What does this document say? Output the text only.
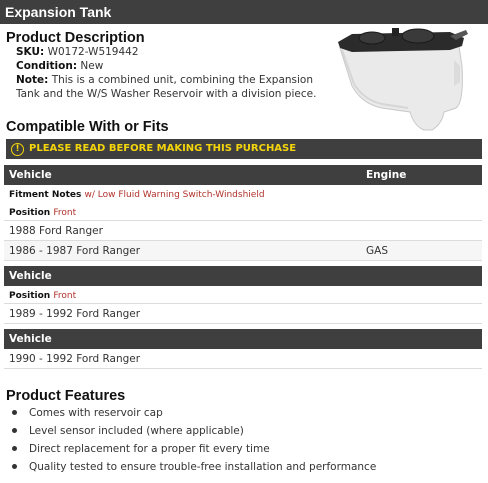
Expansion Tank
Product Description
SKU: W0172-W519442
Condition: New
Note: This is a combined unit, combining the Expansion
Tank and the W/S Washer Reservoir with a division piece.
Compatible With or Fits
! PLEASE READ BEFORE MAKING THIS PURCHASE
Vehicle	Engine
Fitment Notes w/ Low Fluid Warning Switch-Windshield
Position Front
1988 Ford Ranger
1986 - 1987 Ford Ranger	GAS
Vehicle
Position Front
1989 - 1992 Ford Ranger
Vehicle
1990 - 1992 Ford Ranger
Product Features
Comes with reservoir cap
Level sensor included (where applicable)
Direct replacement for a proper fit every time
Quality tested to ensure trouble-free installation and performance
